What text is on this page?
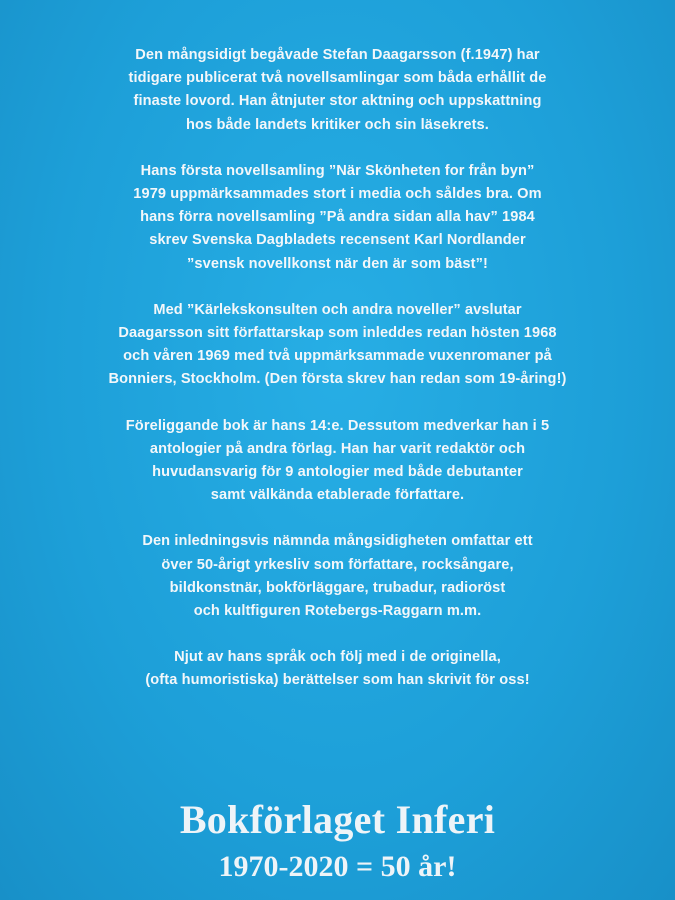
Den mångsidigt begåvade Stefan Daagarsson (f.1947) har
tidigare publicerat två novellsamlingar som båda erhållit de
finaste lovord. Han åtnjuter stor aktning och uppskattning
hos både landets kritiker och sin läsekrets.

Hans första novellsamling ”När Skönheten for från byn”
1979 uppmärksammades stort i media och såldes bra. Om
hans förra novellsamling ”På andra sidan alla hav” 1984
skrev Svenska Dagbladets recensent Karl Nordlander
”svensk novellkonst när den är som bäst”!

Med ”Kärlekskonsulten och andra noveller” avslutar
Daagarsson sitt författarskap som inleddes redan hösten 1968
och våren 1969 med två uppmärksammade vuxenromaner på
Bonniers, Stockholm. (Den första skrev han redan som 19-åring!)

Föreliggande bok är hans 14:e. Dessutom medverkar han i 5
antologier på andra förlag. Han har varit redaktör och
huvudansvarig för 9 antologier med både debutanter
samt välkända etablerade författare.

Den inledningsvis nämnda mångsidigheten omfattar ett
över 50-årigt yrkesliv som författare, rocksångare,
bildkonstnär, bokförläggare, trubadur, radioröst
och kultfiguren Rotebergs-Raggarn m.m.

Njut av hans språk och följ med i de originella,
(ofta humoristiska) berättelser som han skrivit för oss!

Bokförlaget Inferi
1970-2020 = 50 år!
